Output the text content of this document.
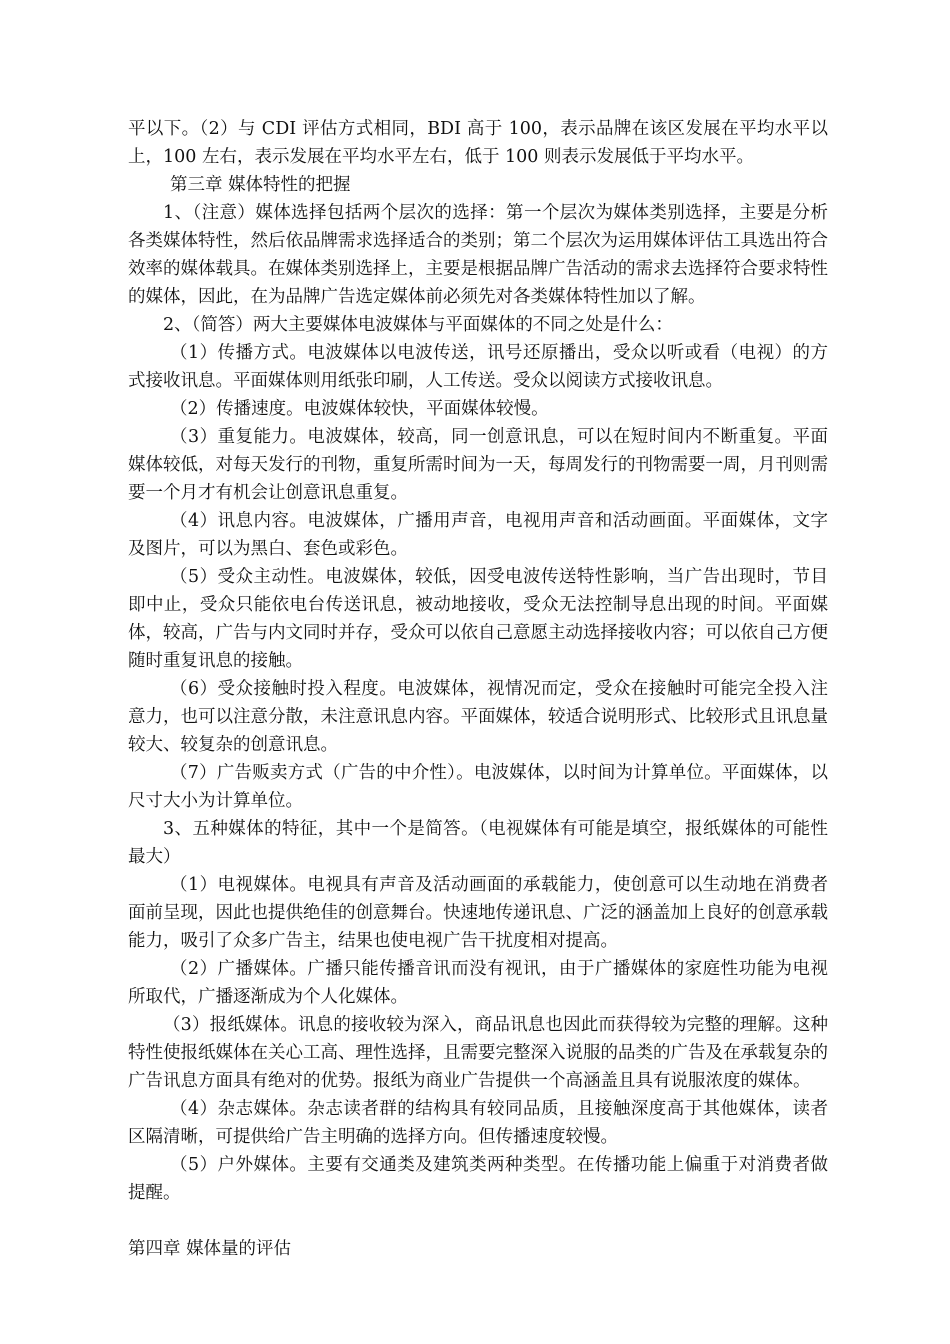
平以下。（2）与 CDI 评估方式相同，BDI 高于 100，表示品牌在该区发展在平均水平以上，100 左右，表示发展在平均水平左右，低于 100 则表示发展低于平均水平。

第三章 媒体特性的把握

1、（注意）媒体选择包括两个层次的选择：第一个层次为媒体类别选择，主要是分析各类媒体特性，然后依品牌需求选择适合的类别；第二个层次为运用媒体评估工具选出符合效率的媒体载具。在媒体类别选择上，主要是根据品牌广告活动的需求去选择符合要求特性的媒体，因此，在为品牌广告选定媒体前必须先对各类媒体特性加以了解。

2、（简答）两大主要媒体电波媒体与平面媒体的不同之处是什么：

（1）传播方式。电波媒体以电波传送，讯号还原播出，受众以听或看（电视）的方式接收讯息。平面媒体则用纸张印刷，人工传送。受众以阅读方式接收讯息。

（2）传播速度。电波媒体较快，平面媒体较慢。

（3）重复能力。电波媒体，较高，同一创意讯息，可以在短时间内不断重复。平面媒体较低，对每天发行的刊物，重复所需时间为一天，每周发行的刊物需要一周，月刊则需要一个月才有机会让创意讯息重复。

（4）讯息内容。电波媒体，广播用声音，电视用声音和活动画面。平面媒体，文字及图片，可以为黑白、套色或彩色。

（5）受众主动性。电波媒体，较低，因受电波传送特性影响，当广告出现时，节目即中止，受众只能依电台传送讯息，被动地接收，受众无法控制导息出现的时间。平面媒体，较高，广告与内文同时并存，受众可以依自己意愿主动选择接收内容；可以依自己方便随时重复讯息的接触。

（6）受众接触时投入程度。电波媒体，视情况而定，受众在接触时可能完全投入注意力，也可以注意分散，未注意讯息内容。平面媒体，较适合说明形式、比较形式且讯息量较大、较复杂的创意讯息。

（7）广告贩卖方式（广告的中介性）。电波媒体，以时间为计算单位。平面媒体，以尺寸大小为计算单位。

3、五种媒体的特征，其中一个是简答。（电视媒体有可能是填空，报纸媒体的可能性最大）

（1）电视媒体。电视具有声音及活动画面的承载能力，使创意可以生动地在消费者面前呈现，因此也提供绝佳的创意舞台。快速地传递讯息、广泛的涵盖加上良好的创意承载能力，吸引了众多广告主，结果也使电视广告干扰度相对提高。

（2）广播媒体。广播只能传播音讯而没有视讯，由于广播媒体的家庭性功能为电视所取代，广播逐渐成为个人化媒体。

（3）报纸媒体。讯息的接收较为深入，商品讯息也因此而获得较为完整的理解。这种特性使报纸媒体在关心工高、理性选择，且需要完整深入说服的品类的广告及在承载复杂的广告讯息方面具有绝对的优势。报纸为商业广告提供一个高涵盖且具有说服浓度的媒体。

（4）杂志媒体。杂志读者群的结构具有较同品质，且接触深度高于其他媒体，读者区隔清晰，可提供给广告主明确的选择方向。但传播速度较慢。

（5）户外媒体。主要有交通类及建筑类两种类型。在传播功能上偏重于对消费者做提醒。

第四章 媒体量的评估
